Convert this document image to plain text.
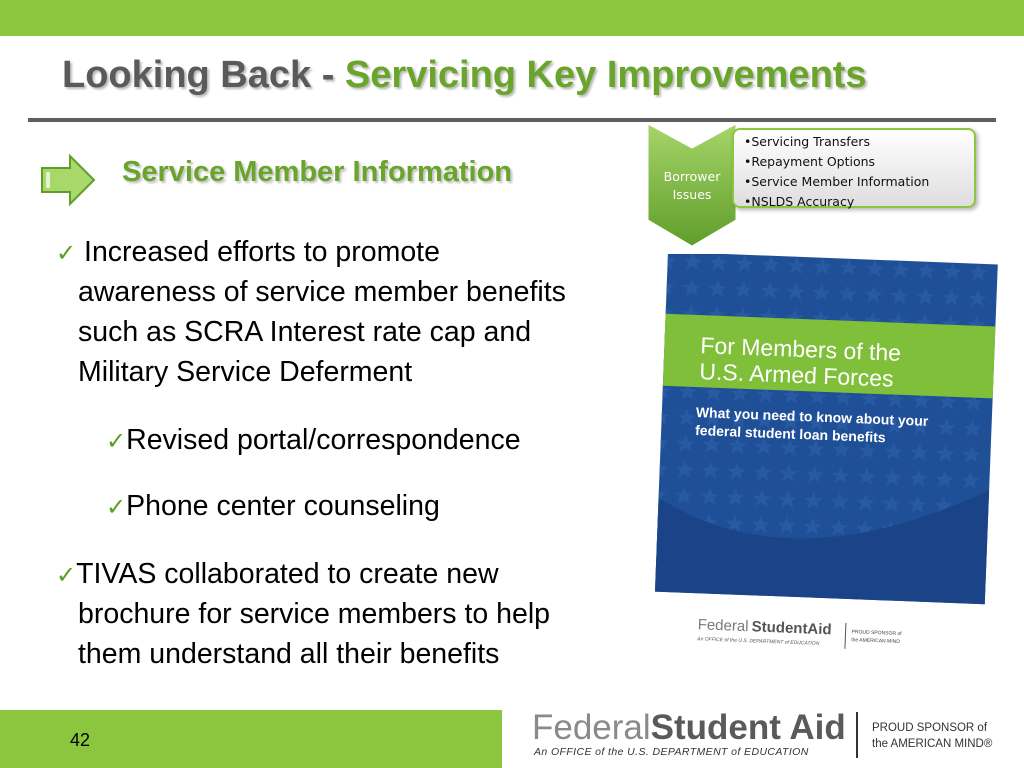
Looking Back - Servicing Key Improvements
Service Member Information	Borrower
Issues
•Servicing Transfers
•Repayment Options
•Service Member Information
•NSLDS Accuracy
✓ Increased efforts to promote
awareness of service member benefits
such as SCRA Interest rate cap and
Military Service Deferment
✓Revised portal/correspondence
✓Phone center counseling
✓TIVAS collaborated to create new
brochure for service members to help
them understand all their benefits
For Members of the
U.S. Armed Forces
What you need to know about your
federal student loan benefits
Federal StudentAid
An OFFICE of the U.S. DEPARTMENT of EDUCATION
PROUD SPONSOR of
the AMERICAN MIND
42	FederalStudent Aid
An OFFICE of the U.S. DEPARTMENT of EDUCATION
PROUD SPONSOR of
the AMERICAN MIND®
